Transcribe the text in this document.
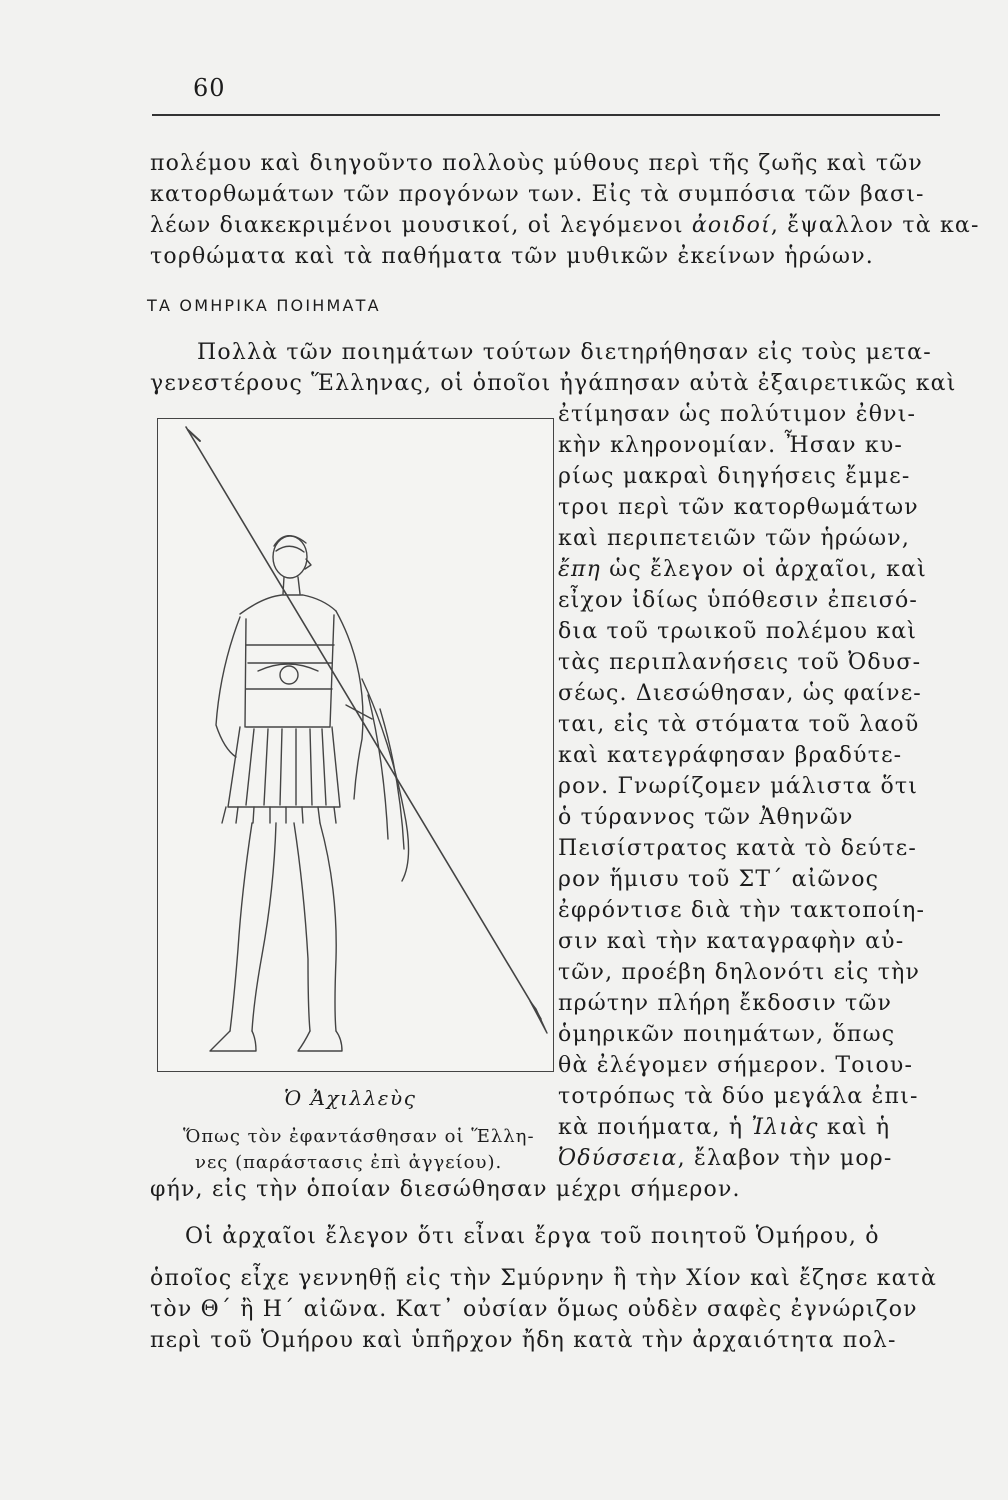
60
πολέμου καὶ διηγοῦντο πολλοὺς μύθους περὶ τῆς ζωῆς καὶ τῶν
κατορθωμάτων τῶν προγόνων των. Εἰς τὰ συμπόσια τῶν βασι-
λέων διακεκριμένοι μουσικοί, οἱ λεγόμενοι ἀοιδοί, ἔψαλλον τὰ κα-
τορθώματα καὶ τὰ παθήματα τῶν μυθικῶν ἐκείνων ἡρώων.
ΤΑ ΟΜΗΡΙΚΑ ΠΟΙΗΜΑΤΑ
Πολλὰ τῶν ποιημάτων τούτων διετηρήθησαν εἰς τοὺς μετα-
γενεστέρους Ἕλληνας, οἱ ὁποῖοι ἠγάπησαν αὐτὰ ἐξαιρετικῶς καὶ
ἐτίμησαν ὡς πολύτιμον ἐθνι-
κὴν κληρονομίαν. Ἦσαν κυ-
ρίως μακραὶ διηγήσεις ἔμμε-
τροι περὶ τῶν κατορθωμάτων
καὶ περιπετειῶν τῶν ἡρώων,
ἔπη ὡς ἔλεγον οἱ ἀρχαῖοι, καὶ
εἶχον ἰδίως ὑπόθεσιν ἐπεισό-
δια τοῦ τρωικοῦ πολέμου καὶ
τὰς περιπλανήσεις τοῦ Ὀδυσ-
σέως. Διεσώθησαν, ὡς φαίνε-
ται, εἰς τὰ στόματα τοῦ λαοῦ
καὶ κατεγράφησαν βραδύτε-
ρον. Γνωρίζομεν μάλιστα ὅτι
ὁ τύραννος τῶν Ἀθηνῶν
Πεισίστρατος κατὰ τὸ δεύτε-
ρον ἥμισυ τοῦ ΣΤ΄ αἰῶνος
ἐφρόντισε διὰ τὴν τακτοποίη-
σιν καὶ τὴν καταγραφὴν αὐ-
τῶν, προέβη δηλονότι εἰς τὴν
πρώτην πλήρη ἔκδοσιν τῶν
ὁμηρικῶν ποιημάτων, ὅπως
θὰ ἐλέγομεν σήμερον. Τοιου-
τοτρόπως τὰ δύο μεγάλα ἐπι-
κὰ ποιήματα, ἡ Ἰλιὰς καὶ ἡ
Ὀδύσσεια, ἔλαβον τὴν μορ-
φήν, εἰς τὴν ὁποίαν διεσώθησαν μέχρι σήμερον.
Ὁ Ἀχιλλεὺς
Ὅπως τὸν ἐφαντάσθησαν οἱ Ἕλλη-
νες (παράστασις ἐπὶ ἀγγείου).
Οἱ ἀρχαῖοι ἔλεγον ὅτι εἶναι ἔργα τοῦ ποιητοῦ Ὁμήρου, ὁ
ὁποῖος εἶχε γεννηθῇ εἰς τὴν Σμύρνην ἢ τὴν Χίον καὶ ἔζησε κατὰ
τὸν Θ΄ ἢ Η΄ αἰῶνα. Κατ᾿ οὐσίαν ὅμως οὐδὲν σαφὲς ἐγνώριζον
περὶ τοῦ Ὁμήρου καὶ ὑπῆρχον ἤδη κατὰ τὴν ἀρχαιότητα πολ-
